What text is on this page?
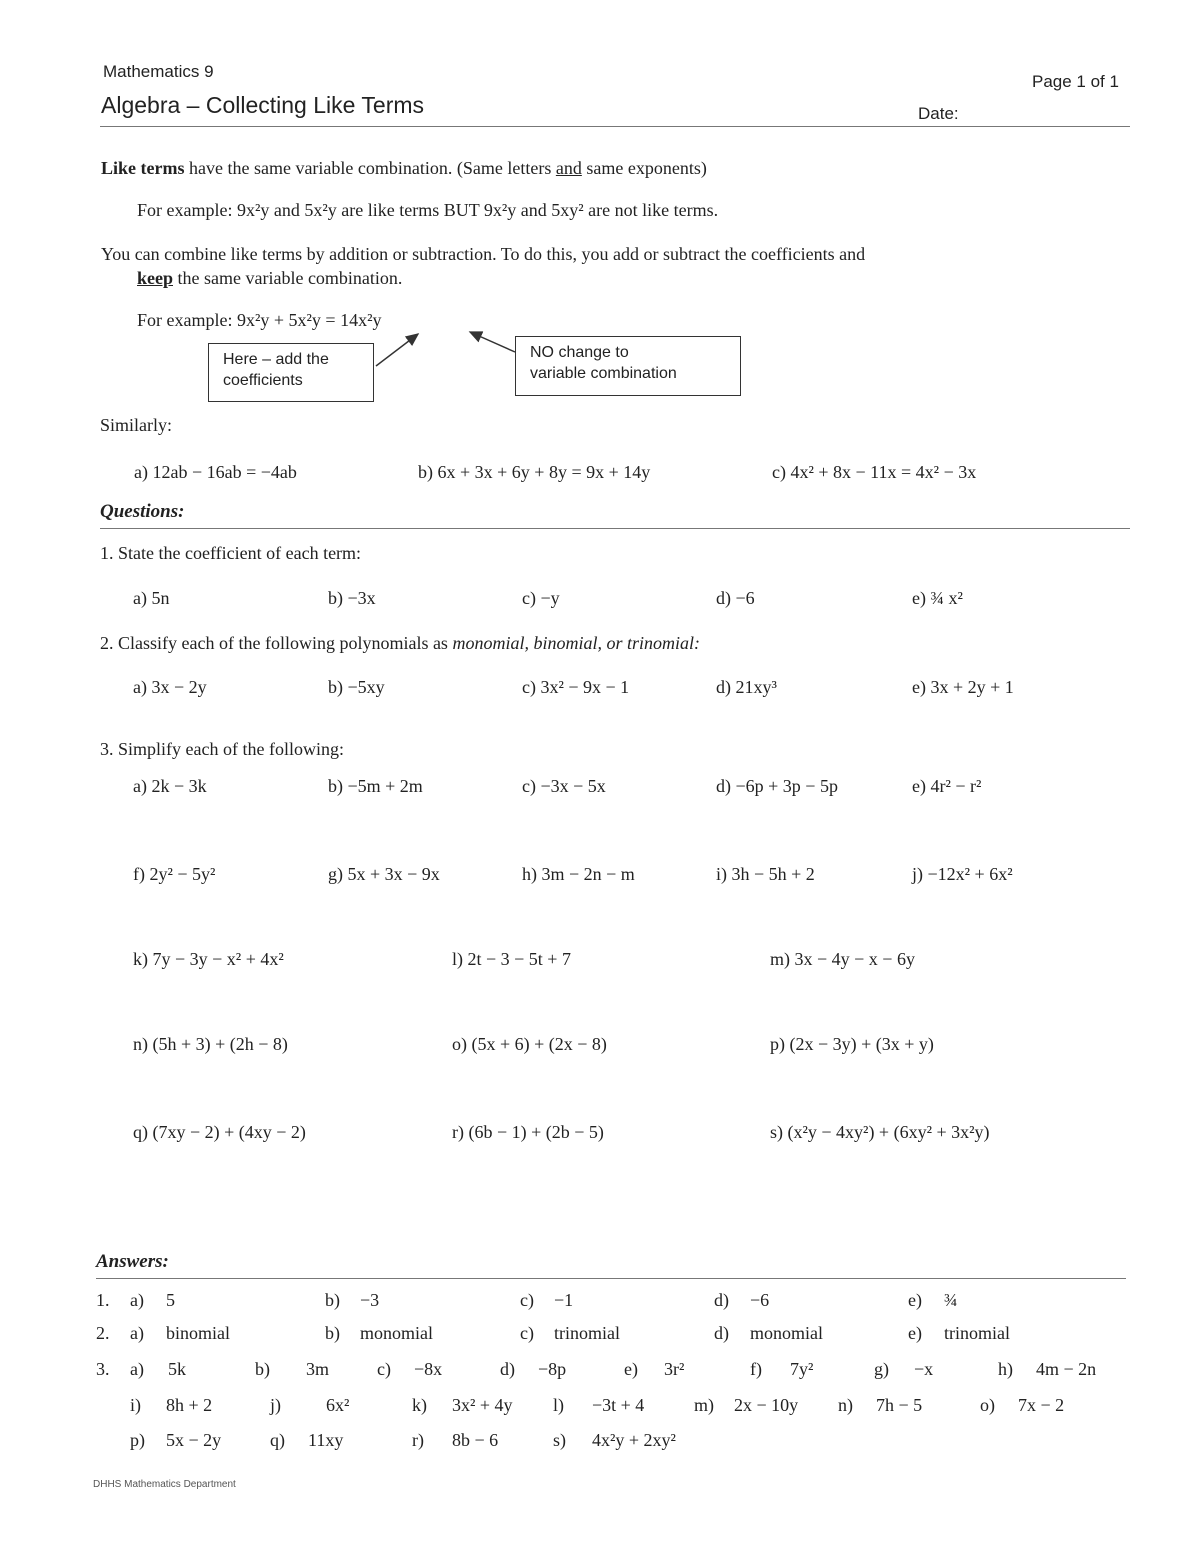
Mathematics 9
Algebra – Collecting Like Terms
Page 1 of 1
Date:
Like terms have the same variable combination. (Same letters and same exponents)
For example: 9x²y and 5x²y are like terms BUT 9x²y and 5xy² are not like terms.
You can combine like terms by addition or subtraction. To do this, you add or subtract the coefficients and
keep the same variable combination.
For example: 9x²y + 5x²y = 14x²y
Here – add the
coefficients
NO change to
variable combination
Similarly:
a) 12ab − 16ab = −4ab	b) 6x + 3x + 6y + 8y = 9x + 14y	c) 4x² + 8x − 11x = 4x² − 3x
Questions:
1. State the coefficient of each term:
a) 5n	b) −3x	c) −y	d) −6	e) ¾ x²
2. Classify each of the following polynomials as monomial, binomial, or trinomial:
a) 3x − 2y	b) −5xy	c) 3x² − 9x − 1	d) 21xy³	e) 3x + 2y + 1
3. Simplify each of the following:
a) 2k − 3k	b) −5m + 2m	c) −3x − 5x	d) −6p + 3p − 5p	e) 4r² − r²
f) 2y² − 5y²	g) 5x + 3x − 9x	h) 3m − 2n − m	i) 3h − 5h + 2	j) −12x² + 6x²
k) 7y − 3y − x² + 4x²	l) 2t − 3 − 5t + 7	m) 3x − 4y − x − 6y
n) (5h + 3) + (2h − 8)	o) (5x + 6) + (2x − 8)	p) (2x − 3y) + (3x + y)
q) (7xy − 2) + (4xy − 2)	r) (6b − 1) + (2b − 5)	s) (x²y − 4xy²) + (6xy² + 3x²y)
Answers:
1. a) 5	b) −3	c) −1	d) −6	e) ¾
2. a) binomial	b) monomial	c) trinomial	d) monomial	e) trinomial
3. a) 5k	b) 3m	c) −8x	d) −8p	e) 3r²	f) 7y²	g) −x	h) 4m − 2n
i) 8h + 2	j)	6x²	k) 3x² + 4y l) −3t + 4	m) 2x − 10y n) 7h − 5	o) 7x − 2
p) 5x − 2y	q) 11xy	r) 8b − 6	s) 4x²y + 2xy²
DHHS Mathematics Department
